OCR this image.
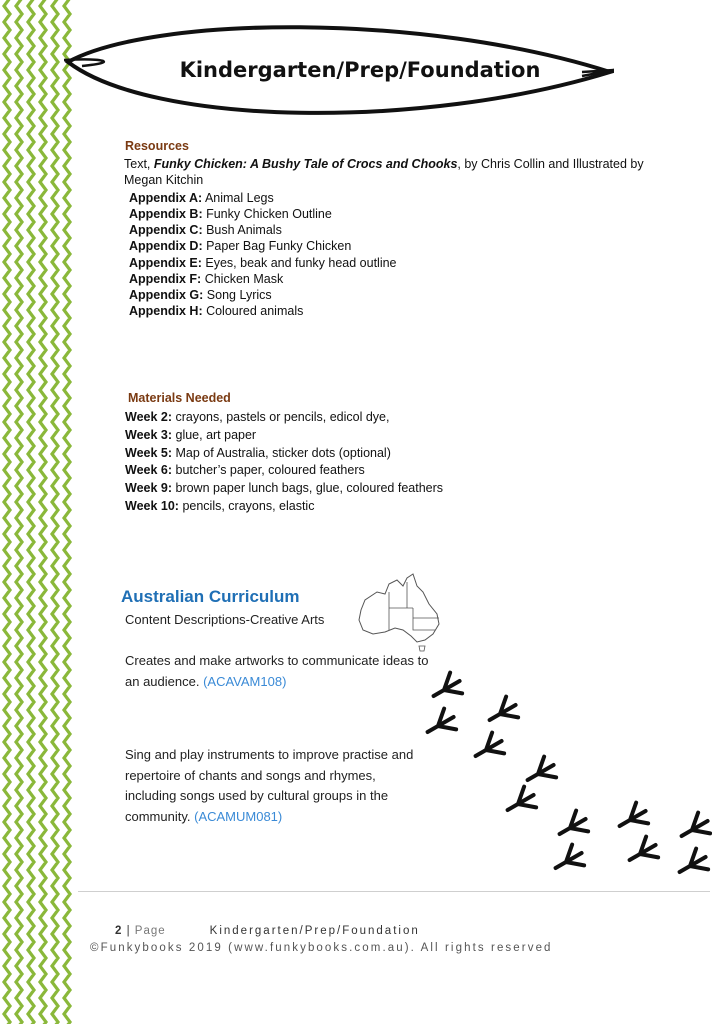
Kindergarten/Prep/Foundation
Resources
Text, Funky Chicken: A Bushy Tale of Crocs and Chooks, by Chris Collin and Illustrated by Megan Kitchin
Appendix A: Animal Legs
Appendix B: Funky Chicken Outline
Appendix C: Bush Animals
Appendix D: Paper Bag Funky Chicken
Appendix E: Eyes, beak and funky head outline
Appendix F: Chicken Mask
Appendix G: Song Lyrics
Appendix H: Coloured animals
Materials Needed
Week 2: crayons, pastels or pencils, edicol dye,
Week 3: glue, art paper
Week 5: Map of Australia, sticker dots (optional)
Week 6: butcher’s paper, coloured feathers
Week 9: brown paper lunch bags, glue, coloured feathers
Week 10: pencils, crayons, elastic
Australian Curriculum
Content Descriptions-Creative Arts
Creates and make artworks to communicate ideas to
an audience. (ACAVAM108)
Sing and play instruments to improve practise and
repertoire of chants and songs and rhymes,
including songs used by cultural groups in the
community. (ACAMUM081)
2 | Page	Kindergarten/Prep/Foundation
©Funkybooks 2019 (www.funkybooks.com.au). All rights reserved
